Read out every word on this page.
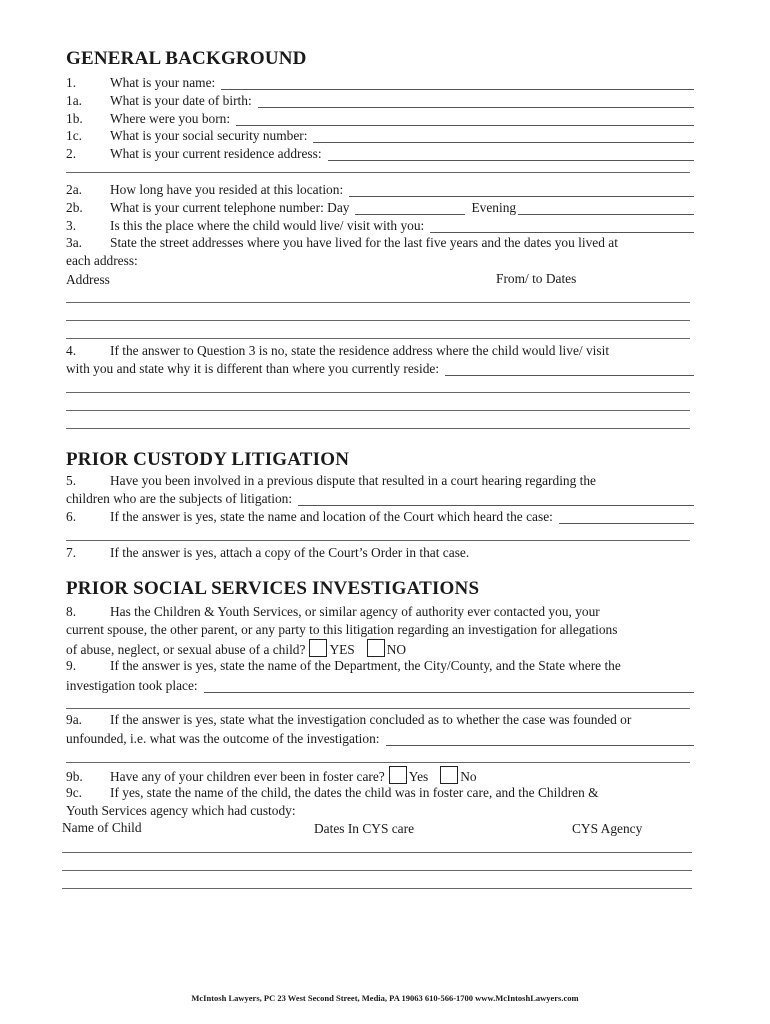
GENERAL BACKGROUND
1.	What is your name:
1a.	What is your date of birth:
1b.	Where were you born:
1c.	What is your social security number:
2.	What is your current residence address:
2a.	How long have you resided at this location:
2b.	What is your current telephone number: Day	Evening
3.	Is this the place where the child would live/ visit with you:
3a.	State the street addresses where you have lived for the last five years and the dates you lived at
each address:
Address	From/ to Dates
4.	If the answer to Question 3 is no, state the residence address where the child would live/ visit
with you and state why it is different than where you currently reside:
PRIOR CUSTODY LITIGATION
5.	Have you been involved in a previous dispute that resulted in a court hearing regarding the
children who are the subjects of litigation:
6.	If the answer is yes, state the name and location of the Court which heard the case:
7.	If the answer is yes, attach a copy of the Court’s Order in that case.
PRIOR SOCIAL SERVICES INVESTIGATIONS
8.	Has the Children & Youth Services, or similar agency of authority ever contacted you, your
current spouse, the other parent, or any party to this litigation regarding an investigation for allegations
of abuse, neglect, or sexual abuse of a child? YES NO
9.	If the answer is yes, state the name of the Department, the City/County, and the State where the
investigation took place:
9a.	If the answer is yes, state what the investigation concluded as to whether the case was founded or
unfounded, i.e. what was the outcome of the investigation:
9b. Have any of your children ever been in foster care? Yes No
9c.	If yes, state the name of the child, the dates the child was in foster care, and the Children &
Youth Services agency which had custody:
Name of Child	Dates In CYS care	CYS Agency
McIntosh Lawyers, PC 23 West Second Street, Media, PA 19063 610-566-1700 www.McIntoshLawyers.com
